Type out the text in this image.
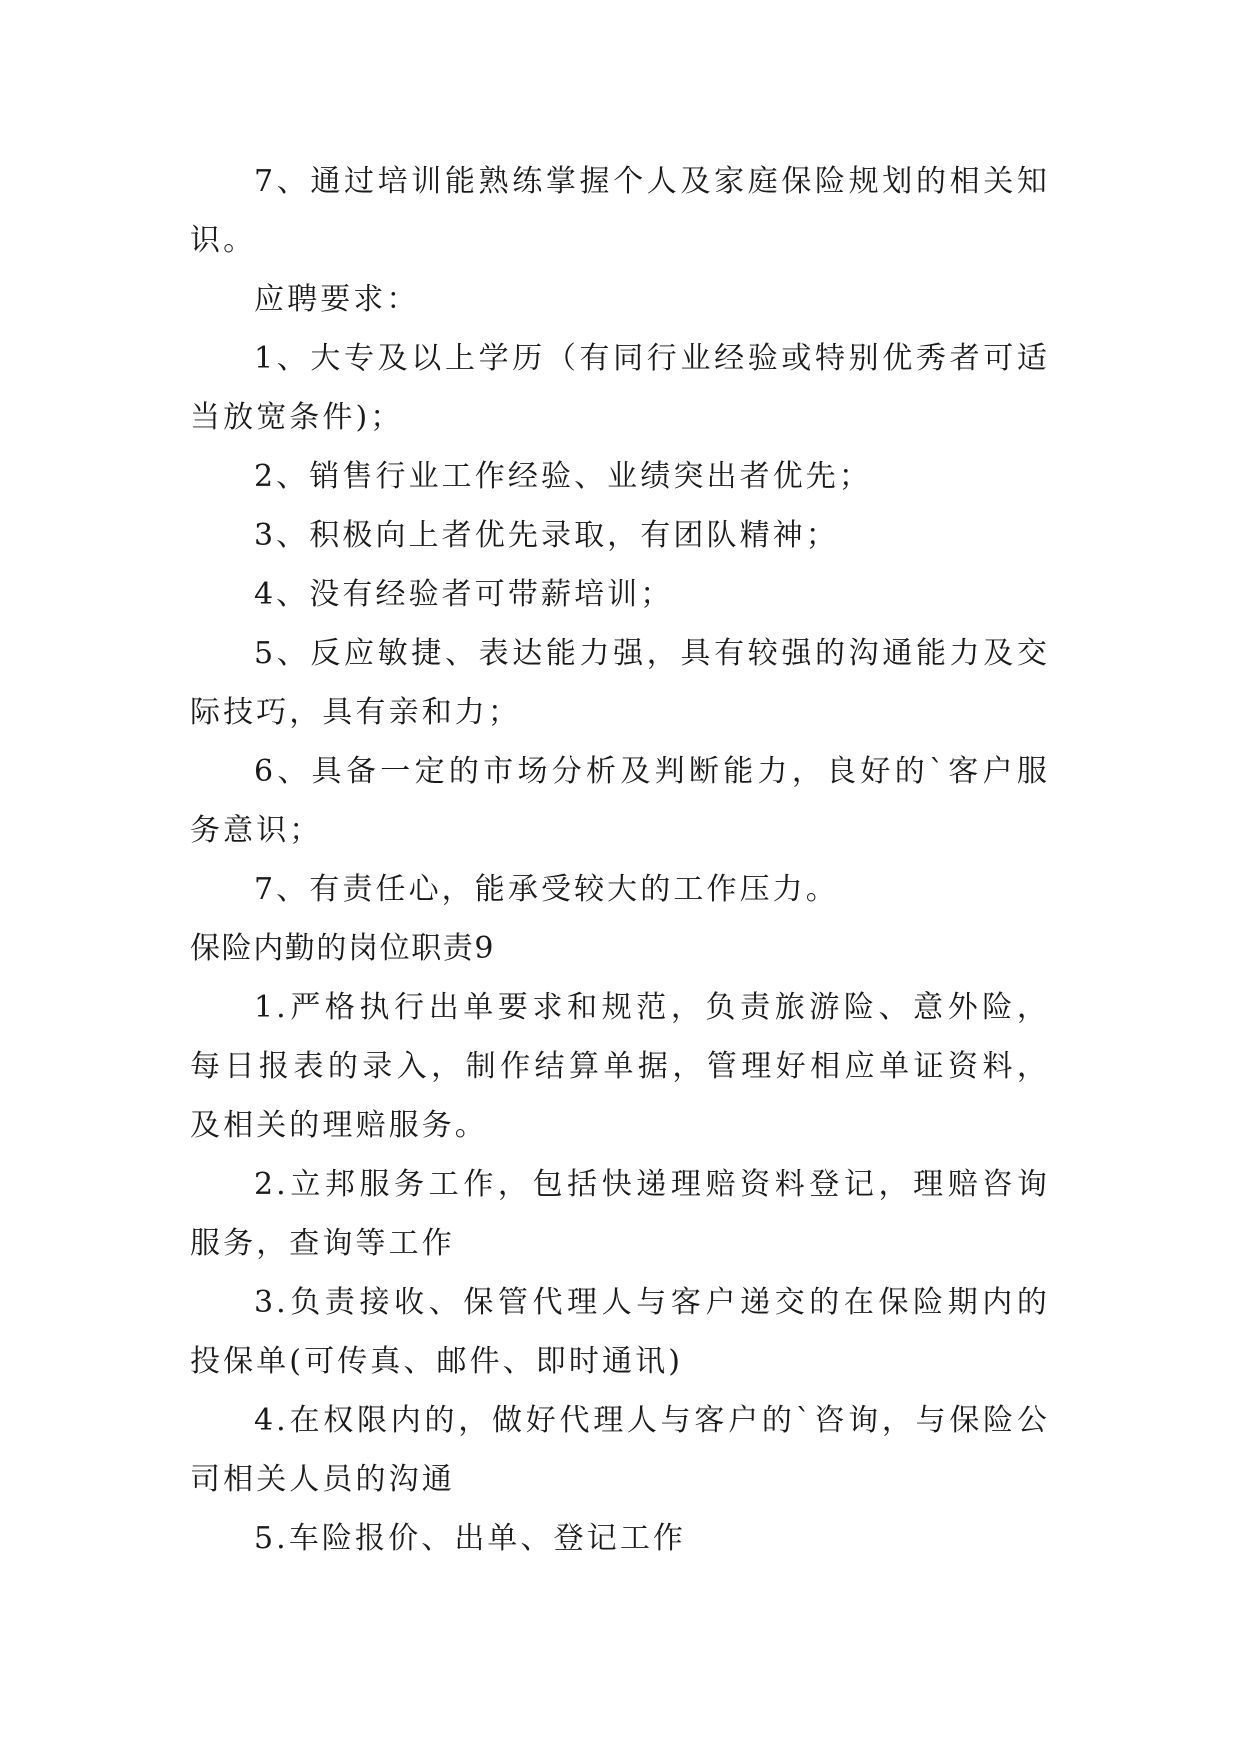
7、通过培训能熟练掌握个人及家庭保险规划的相关知识。

应聘要求：

1、大专及以上学历（有同行业经验或特别优秀者可适当放宽条件)；

2、销售行业工作经验、业绩突出者优先；

3、积极向上者优先录取，有团队精神；

4、没有经验者可带薪培训；

5、反应敏捷、表达能力强，具有较强的沟通能力及交际技巧，具有亲和力；

6、具备一定的市场分析及判断能力，良好的`客户服务意识；

7、有责任心，能承受较大的工作压力。

保险内勤的岗位职责9

1.严格执行出单要求和规范，负责旅游险、意外险，每日报表的录入，制作结算单据，管理好相应单证资料，及相关的理赔服务。

2.立邦服务工作，包括快递理赔资料登记，理赔咨询服务，查询等工作

3.负责接收、保管代理人与客户递交的在保险期内的投保单(可传真、邮件、即时通讯)

4.在权限内的，做好代理人与客户的`咨询，与保险公司相关人员的沟通

5.车险报价、出单、登记工作
